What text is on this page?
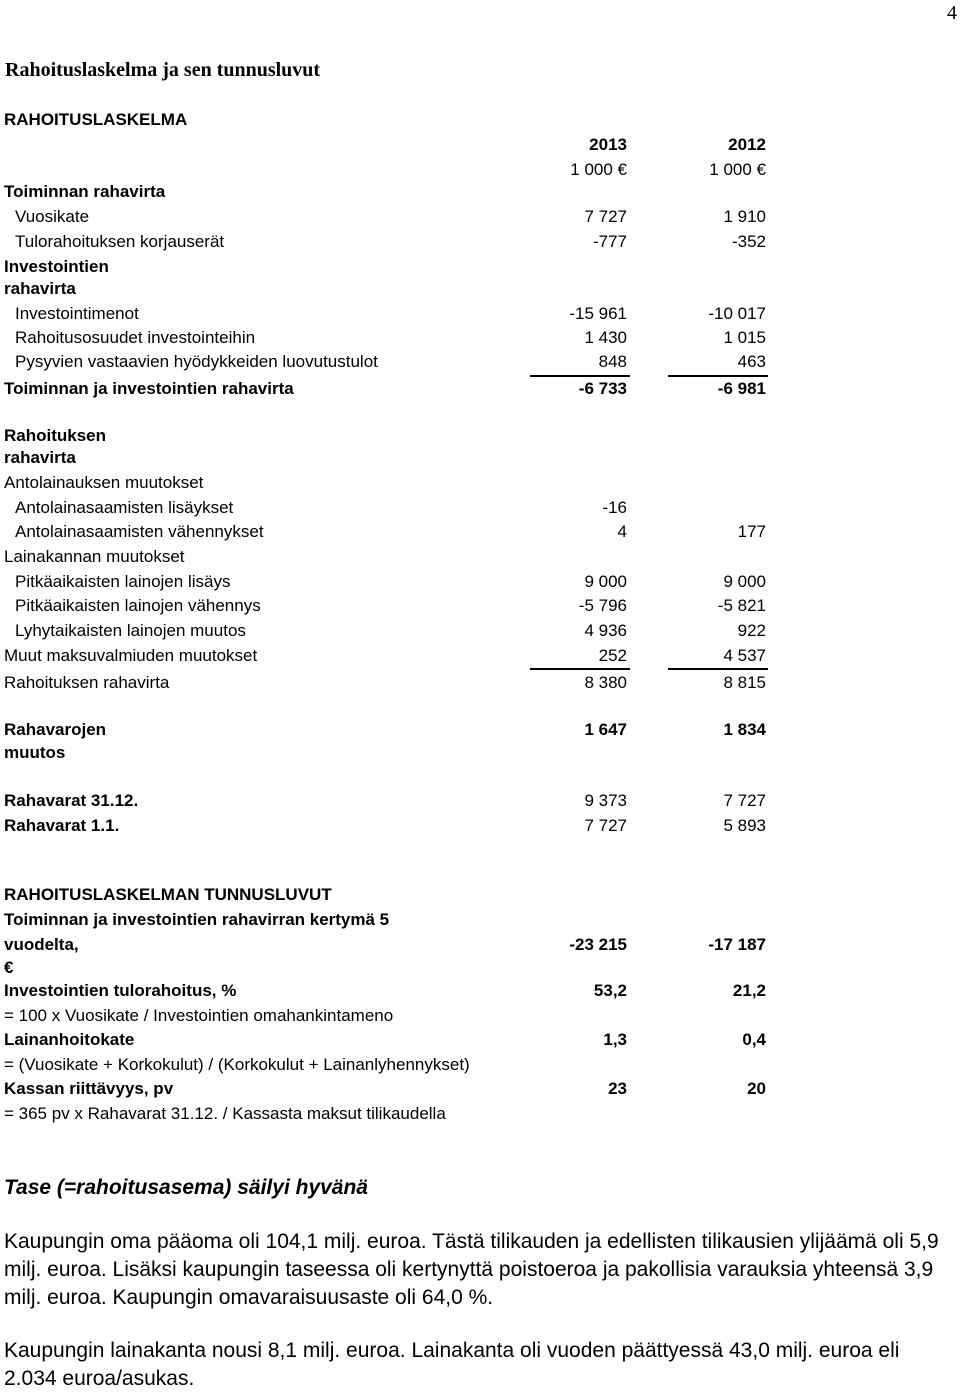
4
Rahoituslaskelma ja sen tunnusluvut
RAHOITUSLASKELMA
2013	2012
1 000 €	1 000 €
Toiminnan rahavirta
Vuosikate	7 727	1 910
Tulorahoituksen korjauserät	-777	-352
Investointien
rahavirta
Investointimenot	-15 961	-10 017
Rahoitusosuudet investointeihin	1 430	1 015
Pysyvien vastaavien hyödykkeiden luovutustulot	848	463
Toiminnan ja investointien rahavirta	-6 733	-6 981
Rahoituksen
rahavirta
Antolainauksen muutokset
Antolainasaamisten lisäykset	-16
Antolainasaamisten vähennykset	4	177
Lainakannan muutokset
Pitkäaikaisten lainojen lisäys	9 000	9 000
Pitkäaikaisten lainojen vähennys	-5 796	-5 821
Lyhytaikaisten lainojen muutos	4 936	922
Muut maksuvalmiuden muutokset	252	4 537
Rahoituksen rahavirta	8 380	8 815
Rahavarojen
muutos
1 647	1 834
Rahavarat 31.12.	9 373	7 727
Rahavarat 1.1.	7 727	5 893
RAHOITUSLASKELMAN TUNNUSLUVUT
Toiminnan ja investointien rahavirran kertymä 5
vuodelta,	-23 215	-17 187
€
Investointien tulorahoitus, %	53,2	21,2
= 100 x Vuosikate / Investointien omahankintameno
Lainanhoitokate	1,3	0,4
= (Vuosikate + Korkokulut) / (Korkokulut + Lainanlyhennykset)
Kassan riittävyys, pv	23	20
= 365 pv x Rahavarat 31.12. / Kassasta maksut tilikaudella
Tase (=rahoitusasema) säilyi hyvänä
Kaupungin oma pääoma oli 104,1 milj. euroa. Tästä tilikauden ja edellisten tilikausien ylijäämä oli 5,9 milj. euroa. Lisäksi kaupungin taseessa oli kertynyttä poistoeroa ja pakollisia varauksia yhteensä 3,9 milj. euroa. Kaupungin omavaraisuusaste oli 64,0 %.
Kaupungin lainakanta nousi 8,1 milj. euroa. Lainakanta oli vuoden päättyessä 43,0 milj. euroa eli 2.034 euroa/asukas.
